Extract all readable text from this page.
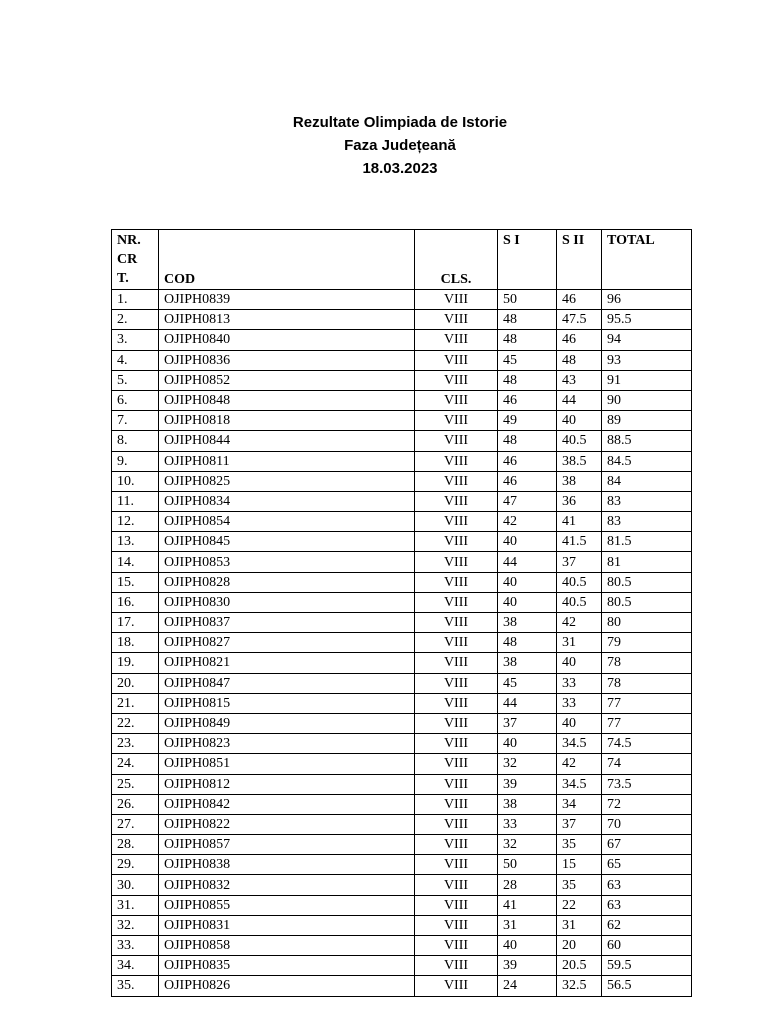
Rezultate Olimpiada de Istorie
Faza Județeană
18.03.2023
NR.
CR
T.	COD	CLS.	S I	S II	TOTAL
1.	OJIPH0839	VIII	50	46	96
2.	OJIPH0813	VIII	48	47.5	95.5
3.	OJIPH0840	VIII	48	46	94
4.	OJIPH0836	VIII	45	48	93
5.	OJIPH0852	VIII	48	43	91
6.	OJIPH0848	VIII	46	44	90
7.	OJIPH0818	VIII	49	40	89
8.	OJIPH0844	VIII	48	40.5	88.5
9.	OJIPH0811	VIII	46	38.5	84.5
10.	OJIPH0825	VIII	46	38	84
11.	OJIPH0834	VIII	47	36	83
12.	OJIPH0854	VIII	42	41	83
13.	OJIPH0845	VIII	40	41.5	81.5
14.	OJIPH0853	VIII	44	37	81
15.	OJIPH0828	VIII	40	40.5	80.5
16.	OJIPH0830	VIII	40	40.5	80.5
17.	OJIPH0837	VIII	38	42	80
18.	OJIPH0827	VIII	48	31	79
19.	OJIPH0821	VIII	38	40	78
20.	OJIPH0847	VIII	45	33	78
21.	OJIPH0815	VIII	44	33	77
22.	OJIPH0849	VIII	37	40	77
23.	OJIPH0823	VIII	40	34.5	74.5
24.	OJIPH0851	VIII	32	42	74
25.	OJIPH0812	VIII	39	34.5	73.5
26.	OJIPH0842	VIII	38	34	72
27.	OJIPH0822	VIII	33	37	70
28.	OJIPH0857	VIII	32	35	67
29.	OJIPH0838	VIII	50	15	65
30.	OJIPH0832	VIII	28	35	63
31.	OJIPH0855	VIII	41	22	63
32.	OJIPH0831	VIII	31	31	62
33.	OJIPH0858	VIII	40	20	60
34.	OJIPH0835	VIII	39	20.5	59.5
35.	OJIPH0826	VIII	24	32.5	56.5
